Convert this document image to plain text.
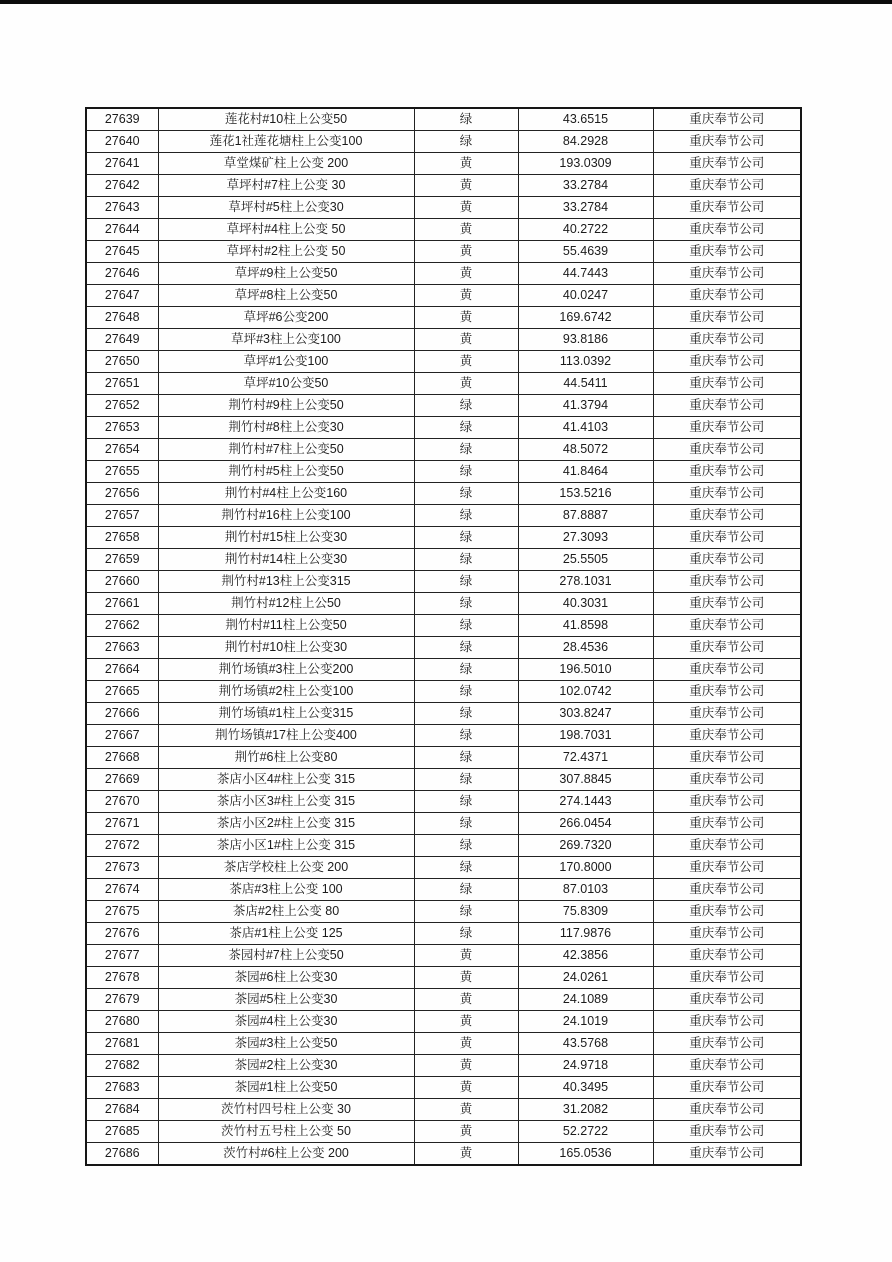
27639	莲花村#10柱上公变50	绿	43.6515	重庆奉节公司
27640	莲花1社莲花塘柱上公变100	绿	84.2928	重庆奉节公司
27641	草堂煤矿柱上公变 200	黄	193.0309	重庆奉节公司
27642	草坪村#7柱上公变 30	黄	33.2784	重庆奉节公司
27643	草坪村#5柱上公变30	黄	33.2784	重庆奉节公司
27644	草坪村#4柱上公变 50	黄	40.2722	重庆奉节公司
27645	草坪村#2柱上公变 50	黄	55.4639	重庆奉节公司
27646	草坪#9柱上公变50	黄	44.7443	重庆奉节公司
27647	草坪#8柱上公变50	黄	40.0247	重庆奉节公司
27648	草坪#6公变200	黄	169.6742	重庆奉节公司
27649	草坪#3柱上公变100	黄	93.8186	重庆奉节公司
27650	草坪#1公变100	黄	113.0392	重庆奉节公司
27651	草坪#10公变50	黄	44.5411	重庆奉节公司
27652	荆竹村#9柱上公变50	绿	41.3794	重庆奉节公司
27653	荆竹村#8柱上公变30	绿	41.4103	重庆奉节公司
27654	荆竹村#7柱上公变50	绿	48.5072	重庆奉节公司
27655	荆竹村#5柱上公变50	绿	41.8464	重庆奉节公司
27656	荆竹村#4柱上公变160	绿	153.5216	重庆奉节公司
27657	荆竹村#16柱上公变100	绿	87.8887	重庆奉节公司
27658	荆竹村#15柱上公变30	绿	27.3093	重庆奉节公司
27659	荆竹村#14柱上公变30	绿	25.5505	重庆奉节公司
27660	荆竹村#13柱上公变315	绿	278.1031	重庆奉节公司
27661	荆竹村#12柱上公50	绿	40.3031	重庆奉节公司
27662	荆竹村#11柱上公变50	绿	41.8598	重庆奉节公司
27663	荆竹村#10柱上公变30	绿	28.4536	重庆奉节公司
27664	荆竹场镇#3柱上公变200	绿	196.5010	重庆奉节公司
27665	荆竹场镇#2柱上公变100	绿	102.0742	重庆奉节公司
27666	荆竹场镇#1柱上公变315	绿	303.8247	重庆奉节公司
27667	荆竹场镇#17柱上公变400	绿	198.7031	重庆奉节公司
27668	荆竹#6柱上公变80	绿	72.4371	重庆奉节公司
27669	茶店小区4#柱上公变 315	绿	307.8845	重庆奉节公司
27670	茶店小区3#柱上公变 315	绿	274.1443	重庆奉节公司
27671	茶店小区2#柱上公变 315	绿	266.0454	重庆奉节公司
27672	茶店小区1#柱上公变 315	绿	269.7320	重庆奉节公司
27673	茶店学校柱上公变 200	绿	170.8000	重庆奉节公司
27674	茶店#3柱上公变 100	绿	87.0103	重庆奉节公司
27675	茶店#2柱上公变 80	绿	75.8309	重庆奉节公司
27676	茶店#1柱上公变 125	绿	117.9876	重庆奉节公司
27677	茶园村#7柱上公变50	黄	42.3856	重庆奉节公司
27678	茶园#6柱上公变30	黄	24.0261	重庆奉节公司
27679	茶园#5柱上公变30	黄	24.1089	重庆奉节公司
27680	茶园#4柱上公变30	黄	24.1019	重庆奉节公司
27681	茶园#3柱上公变50	黄	43.5768	重庆奉节公司
27682	茶园#2柱上公变30	黄	24.9718	重庆奉节公司
27683	茶园#1柱上公变50	黄	40.3495	重庆奉节公司
27684	茨竹村四号柱上公变 30	黄	31.2082	重庆奉节公司
27685	茨竹村五号柱上公变 50	黄	52.2722	重庆奉节公司
27686	茨竹村#6柱上公变 200	黄	165.0536	重庆奉节公司
